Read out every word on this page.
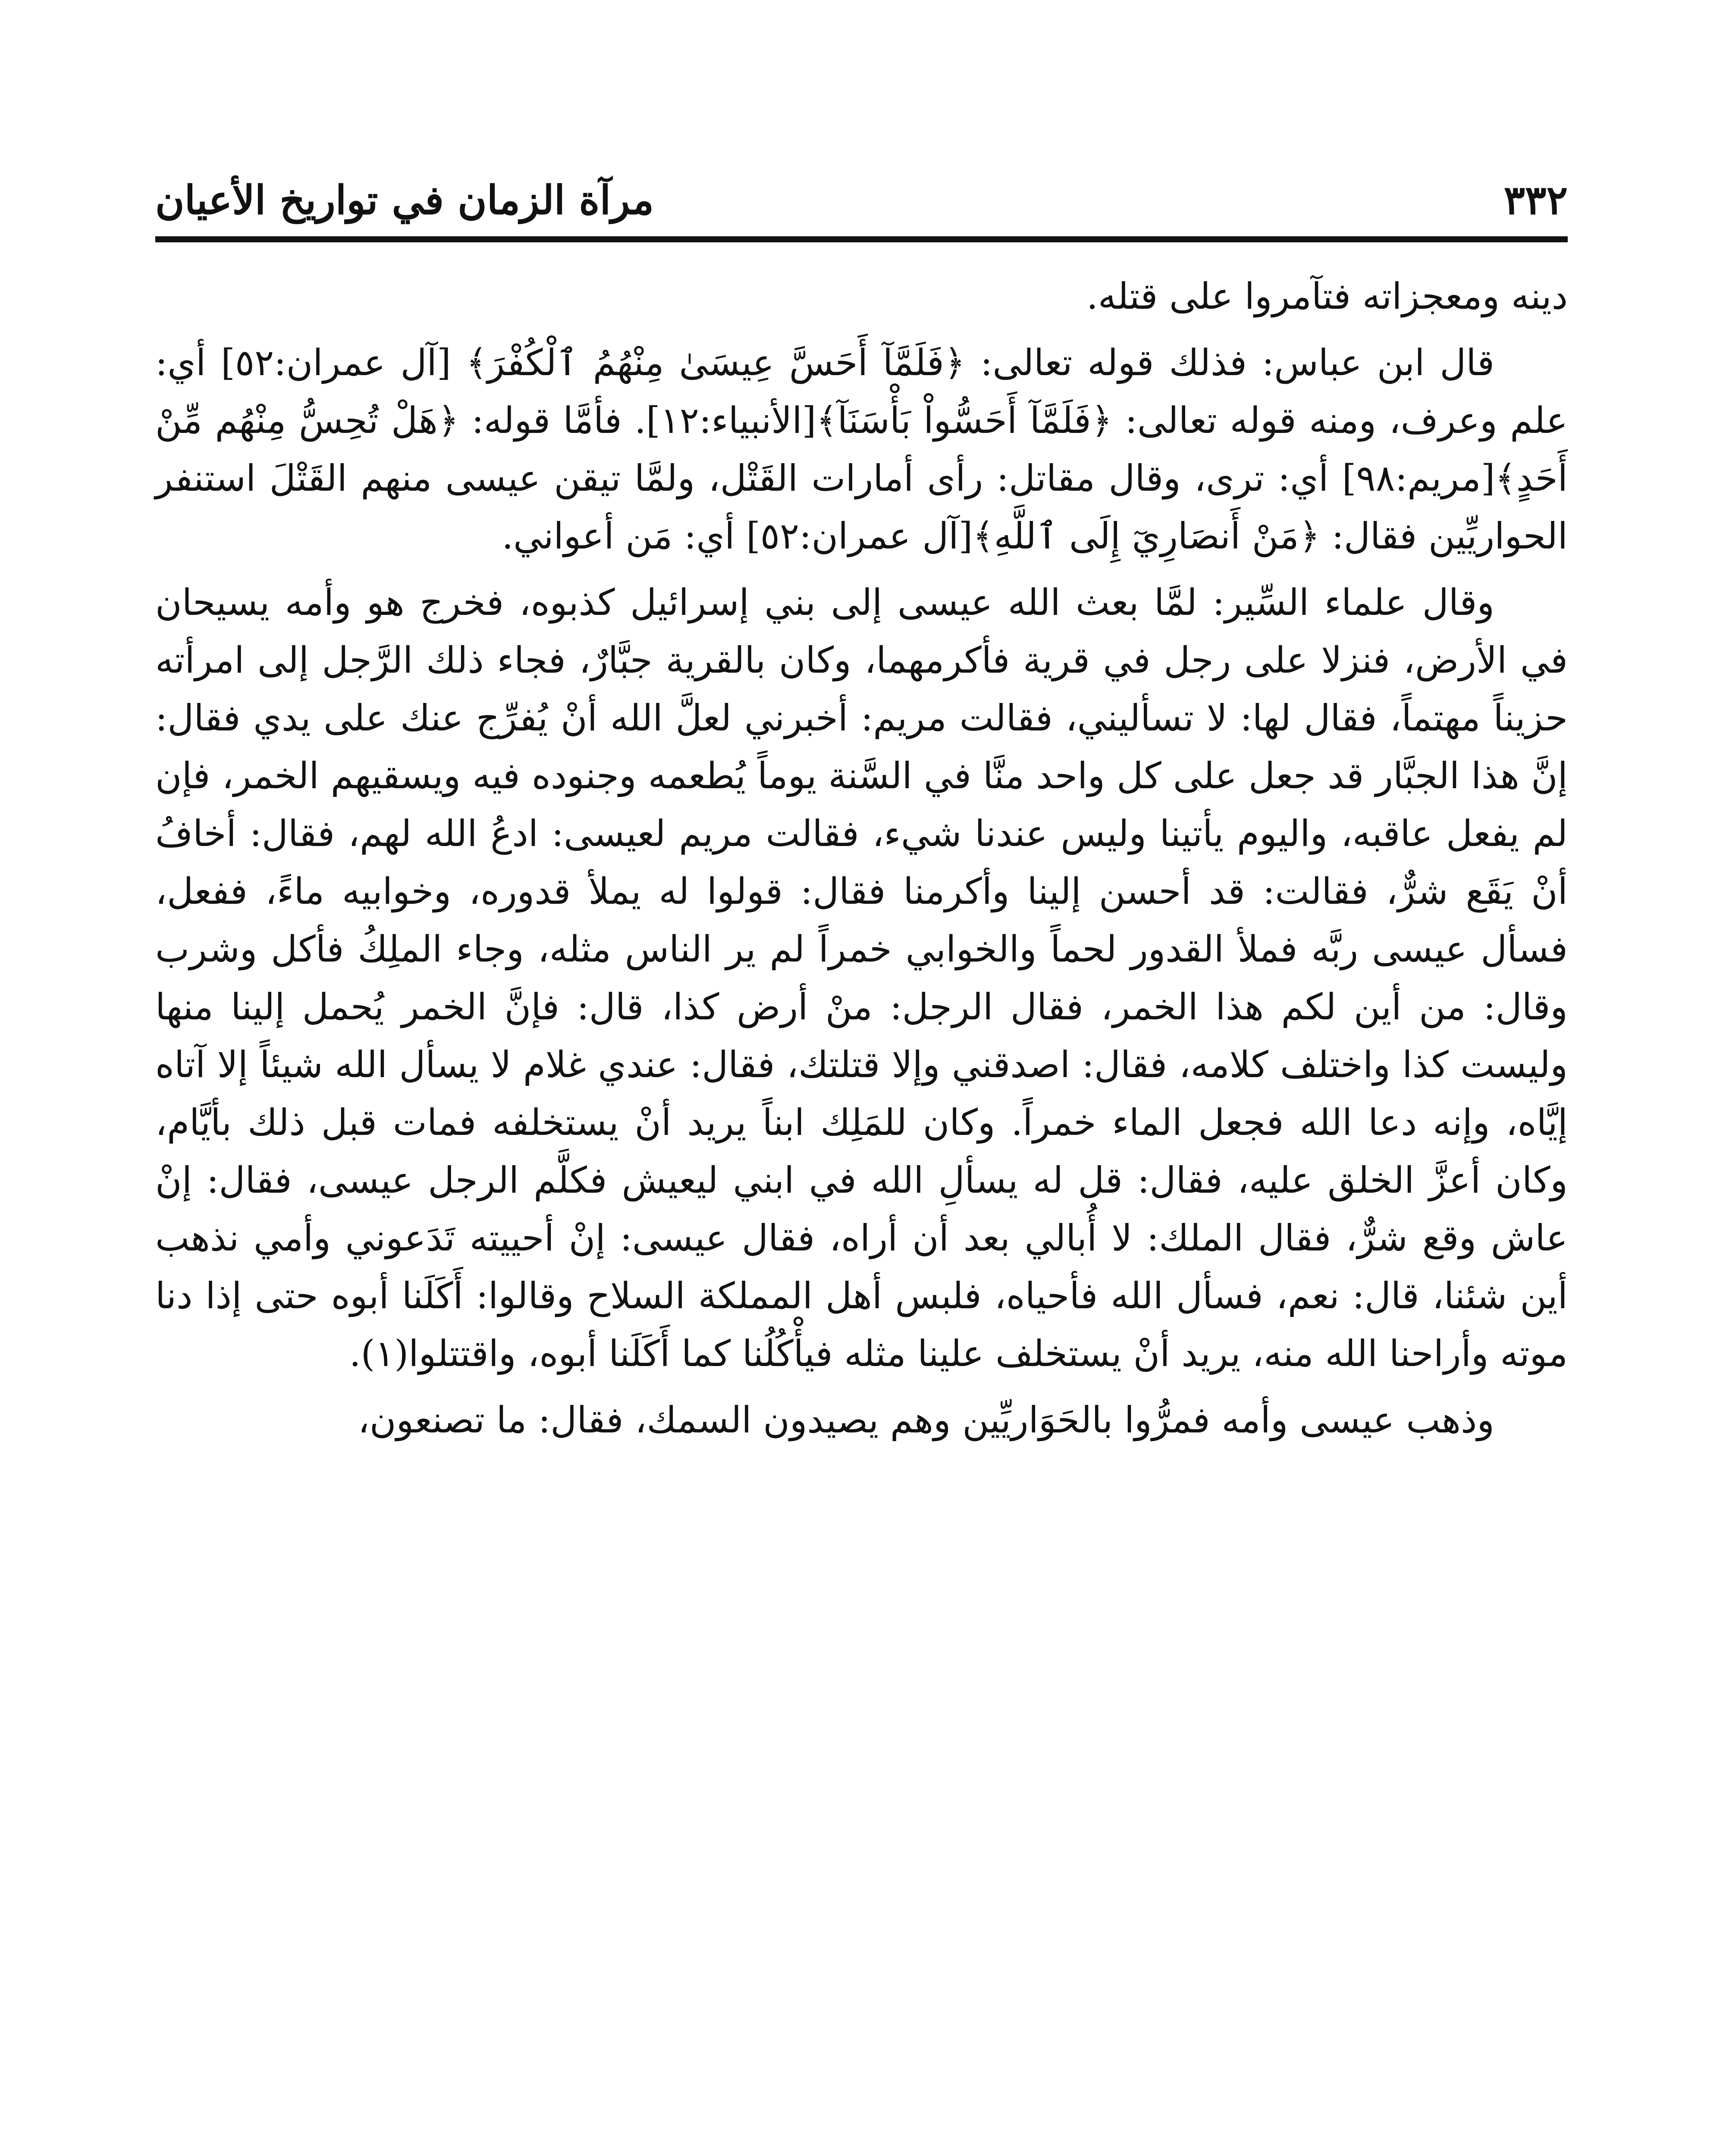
٣٣٢
مرآة الزمان في تواريخ الأعيان

دينه ومعجزاته فتآمروا على قتله.

قال ابن عباس: فذلك قوله تعالى: ﴿فَلَمَّآ أَحَسَّ عِيسَىٰ مِنْهُمُ ٱلْكُفْرَ﴾ [آل عمران:٥٢] أي: علم وعرف، ومنه قوله تعالى: ﴿فَلَمَّآ أَحَسُّواْ بَأْسَنَآ﴾[الأنبياء:١٢]. فأمَّا قوله: ﴿هَلْ تُحِسُّ مِنْهُم مِّنْ أَحَدٍ﴾[مريم:٩٨] أي: ترى، وقال مقاتل: رأى أمارات القَتْل، ولمَّا تيقن عيسى منهم القَتْلَ استنفر الحواريِّين فقال: ﴿مَنْ أَنصَارِيٓ إِلَى ٱللَّهِ﴾[آل عمران:٥٢] أي: مَن أعواني.

وقال علماء السِّير: لمَّا بعث الله عيسى إلى بني إسرائيل كذبوه، فخرج هو وأمه يسيحان في الأرض، فنزلا على رجل في قرية فأكرمهما، وكان بالقرية جبَّارٌ، فجاء ذلك الرَّجل إلى امرأته حزيناً مهتماً، فقال لها: لا تسأليني، فقالت مريم: أخبرني لعلَّ الله أنْ يُفرِّج عنك على يدي فقال: إنَّ هذا الجبَّار قد جعل على كل واحد منَّا في السَّنة يوماً يُطعمه وجنوده فيه ويسقيهم الخمر، فإن لم يفعل عاقبه، واليوم يأتينا وليس عندنا شيء، فقالت مريم لعيسى: ادعُ الله لهم، فقال: أخافُ أنْ يَقَع شرٌّ، فقالت: قد أحسن إلينا وأكرمنا فقال: قولوا له يملأ قدوره، وخوابيه ماءً، ففعل، فسأل عيسى ربَّه فملأ القدور لحماً والخوابي خمراً لم ير الناس مثله، وجاء الملِكُ فأكل وشرب وقال: من أين لكم هذا الخمر، فقال الرجل: منْ أرض كذا، قال: فإنَّ الخمر يُحمل إلينا منها وليست كذا واختلف كلامه، فقال: اصدقني وإلا قتلتك، فقال: عندي غلام لا يسأل الله شيئاً إلا آتاه إيَّاه، وإنه دعا الله فجعل الماء خمراً. وكان للمَلِك ابناً يريد أنْ يستخلفه فمات قبل ذلك بأيَّام، وكان أعزَّ الخلق عليه، فقال: قل له يسألِ الله في ابني ليعيش فكلَّم الرجل عيسى، فقال: إنْ عاش وقع شرٌّ، فقال الملك: لا أُبالي بعد أن أراه، فقال عيسى: إنْ أحييته تَدَعوني وأمي نذهب أين شئنا، قال: نعم، فسأل الله فأحياه، فلبس أهل المملكة السلاح وقالوا: أَكَلَنا أبوه حتى إذا دنا موته وأراحنا الله منه، يريد أنْ يستخلف علينا مثله فيأْكُلُنا كما أَكَلَنا أبوه، واقتتلوا(١).

وذهب عيسى وأمه فمرُّوا بالحَوَاريِّين وهم يصيدون السمك، فقال: ما تصنعون،
